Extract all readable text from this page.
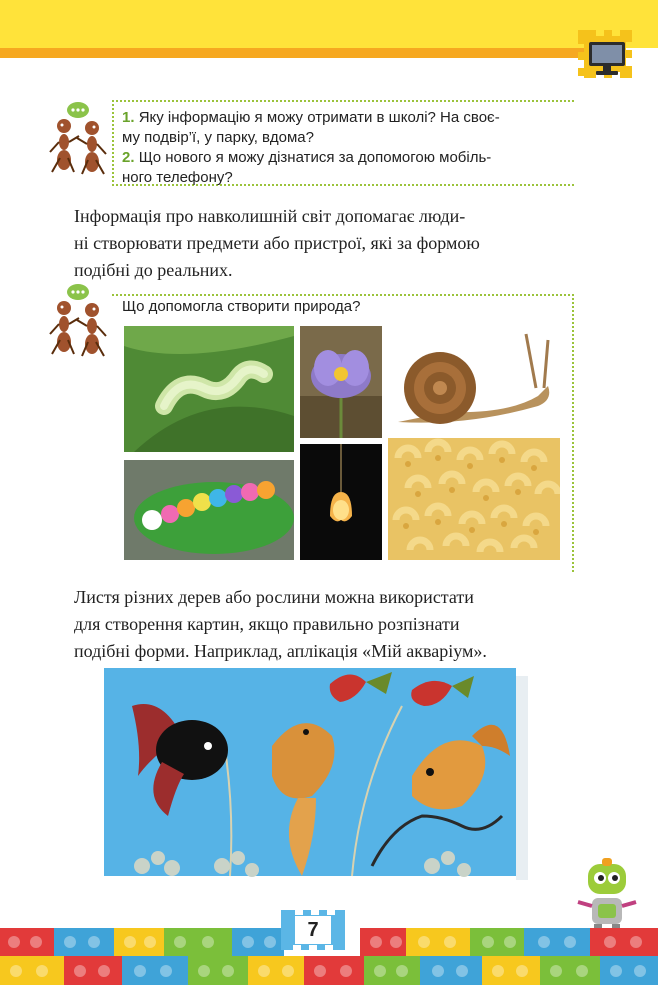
1. Яку інформацію я можу отримати в школі? На своє-
му подвір’ї, у парку, вдома?
2. Що нового я можу дізнатися за допомогою мобіль-
ного телефону?
Інформація про навколишній світ допомагає люди-
ні створювати предмети або пристрої, які за формою
подібні до реальних.
Що допомогла створити природа?
Листя різних дерев або рослини можна використати
для створення картин, якщо правильно розпізнати
подібні форми. Наприклад, аплікація «Мій акваріум».
7
